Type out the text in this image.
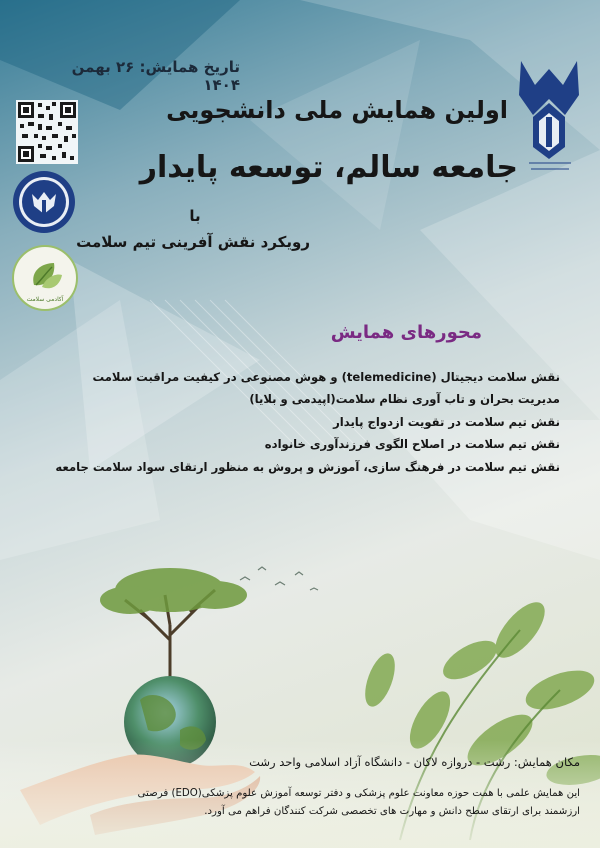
آکادمی سلامت
تاریخ همایش: ۲۶ بهمن ۱۴۰۴
اولین همایش ملی دانشجویی
جامعه سالم، توسعه پایدار
با
رویکرد نقش آفرینی تیم سلامت
محورهای همایش
نقش سلامت دیجیتال (telemedicine) و هوش مصنوعی در کیفیت مراقبت سلامت
مدیریت بحران و تاب آوری نظام سلامت(اپیدمی و بلایا)
نقش تیم سلامت در تقویت ازدواج پایدار
نقش تیم سلامت در اصلاح الگوی فرزندآوری خانواده
نقش تیم سلامت در فرهنگ سازی، آموزش و پروش به منظور ارتقای سواد سلامت جامعه
مکان همایش: رشت - دروازه لاکان - دانشگاه آزاد اسلامی واحد رشت
این همایش علمی با همت حوزه معاونت علوم پزشکی و دفتر توسعه آموزش علوم پزشکی(EDO) فرصتی
ارزشمند برای ارتقای سطح دانش و مهارت های تخصصی شرکت کنندگان فراهم می آورد.
